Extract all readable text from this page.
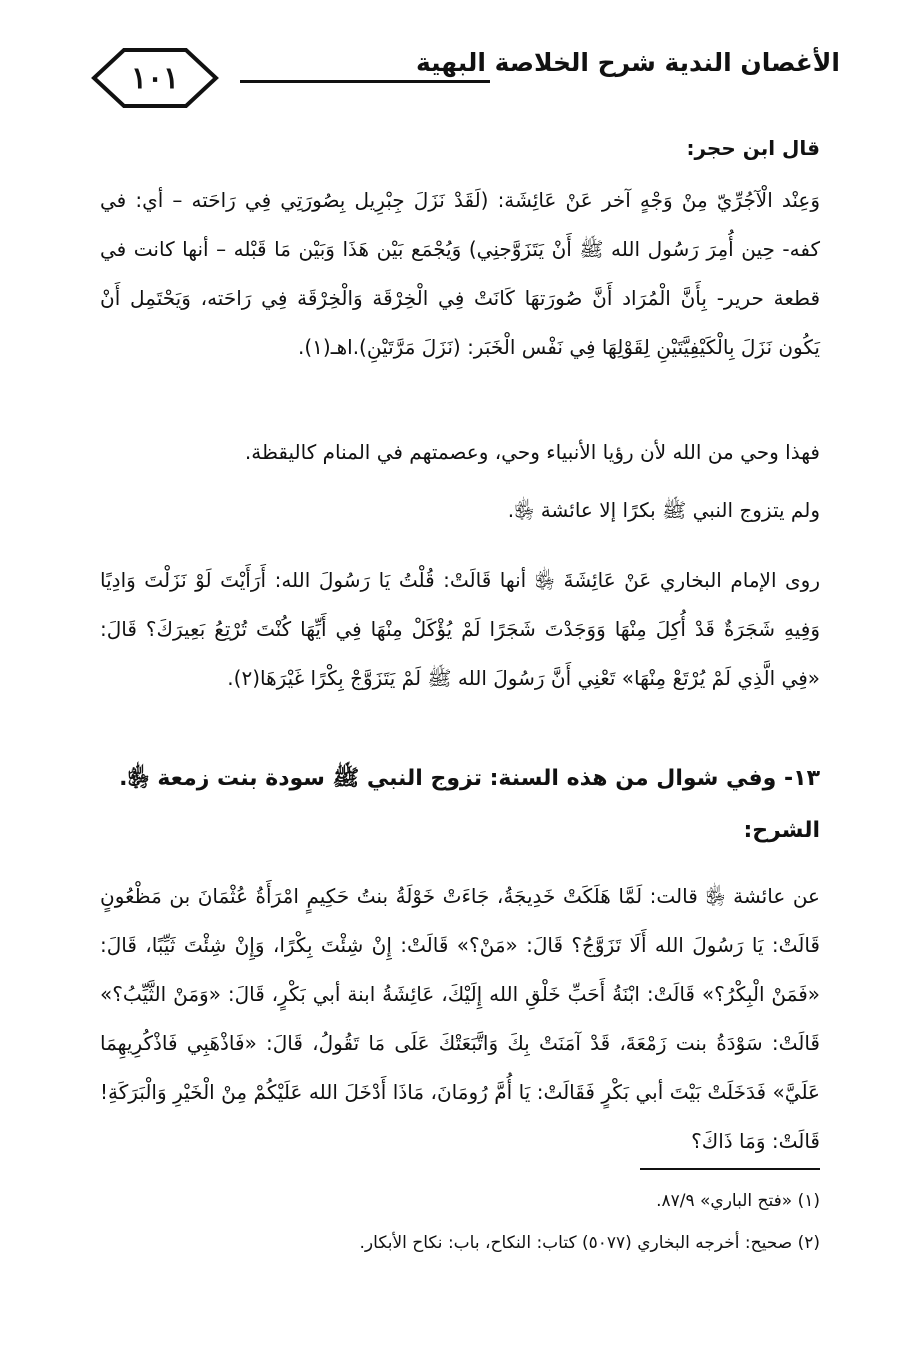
١٠١	الأغصان الندية شرح الخلاصة البهية
قال ابن حجر:
وَعِنْد الْآجُرِّيّ مِنْ وَجْهٍ آخر عَنْ عَائِشَة: (لَقَدْ نَزَلَ جِبْرِيل بِصُورَتِي فِي رَاحَته – أي: في كفه- حِين أُمِرَ رَسُول الله ﷺ أَنْ يَتَزَوَّجنِي) وَيُجْمَع بَيْن هَذَا وَبَيْن مَا قَبْله – أنها كانت في قطعة حرير- بِأَنَّ الْمُرَاد أَنَّ صُورَتهَا كَانَتْ فِي الْخِرْقَة وَالْخِرْقَة فِي رَاحَته، وَيَحْتَمِل أَنْ يَكُون نَزَلَ بِالْكَيْفِيَّتَيْنِ لِقَوْلِهَا فِي نَفْس الْخَبَر: (نَزَلَ مَرَّتَيْنِ).اهـ(١).
فهذا وحي من الله لأن رؤيا الأنبياء وحي، وعصمتهم في المنام كاليقظة.
ولم يتزوج النبي ﷺ بكرًا إلا عائشة ﵂.
روى الإمام البخاري عَنْ عَائِشَةَ ﵂ أنها قَالَتْ: قُلْتُ يَا رَسُولَ الله: أَرَأَيْتَ لَوْ نَزَلْتَ وَادِيًا وَفِيهِ شَجَرَةٌ قَدْ أُكِلَ مِنْهَا وَوَجَدْتَ شَجَرًا لَمْ يُؤْكَلْ مِنْهَا فِي أَيِّهَا كُنْتَ تُرْتِعُ بَعِيرَكَ؟ قَالَ: «فِي الَّذِي لَمْ يُرْتَعْ مِنْهَا» تَعْنِي أَنَّ رَسُولَ الله ﷺ لَمْ يَتَزَوَّجْ بِكْرًا غَيْرَهَا(٢).
١٣- وفي شوال من هذه السنة: تزوج النبي ﷺ سودة بنت زمعة ﵂.
الشرح:
عن عائشة ﵂ قالت: لَمَّا هَلَكَتْ خَدِيجَةُ، جَاءَتْ خَوْلَةُ بنتُ حَكِيمٍ امْرَأَةُ عُثْمَانَ بن مَظْعُونٍ قَالَتْ: يَا رَسُولَ الله أَلَا تَزَوَّجُ؟ قَالَ: «مَنْ؟» قَالَتْ: إِنْ شِئْتَ بِكْرًا، وَإِنْ شِئْتَ ثَيِّبًا، قَالَ: «فَمَنْ الْبِكْرُ؟» قَالَتْ: ابْنَةُ أَحَبِّ خَلْقِ الله إِلَيْكَ، عَائِشَةُ ابنة أبي بَكْرٍ، قَالَ: «وَمَنْ الثَّيِّبُ؟» قَالَتْ: سَوْدَةُ بنت زَمْعَةَ، قَدْ آمَنَتْ بِكَ وَاتَّبَعَتْكَ عَلَى مَا تَقُولُ، قَالَ: «فَاذْهَبِي فَاذْكُرِيهِمَا عَلَيَّ» فَدَخَلَتْ بَيْتَ أبي بَكْرٍ فَقَالَتْ: يَا أُمَّ رُومَانَ، مَاذَا أَدْخَلَ الله عَلَيْكُمْ مِنْ الْخَيْرِ وَالْبَرَكَةِ! قَالَتْ: وَمَا ذَاكَ؟
(١) «فتح الباري» ٨٧/٩.
(٢) صحيح: أخرجه البخاري (٥٠٧٧) كتاب: النكاح، باب: نكاح الأبكار.
